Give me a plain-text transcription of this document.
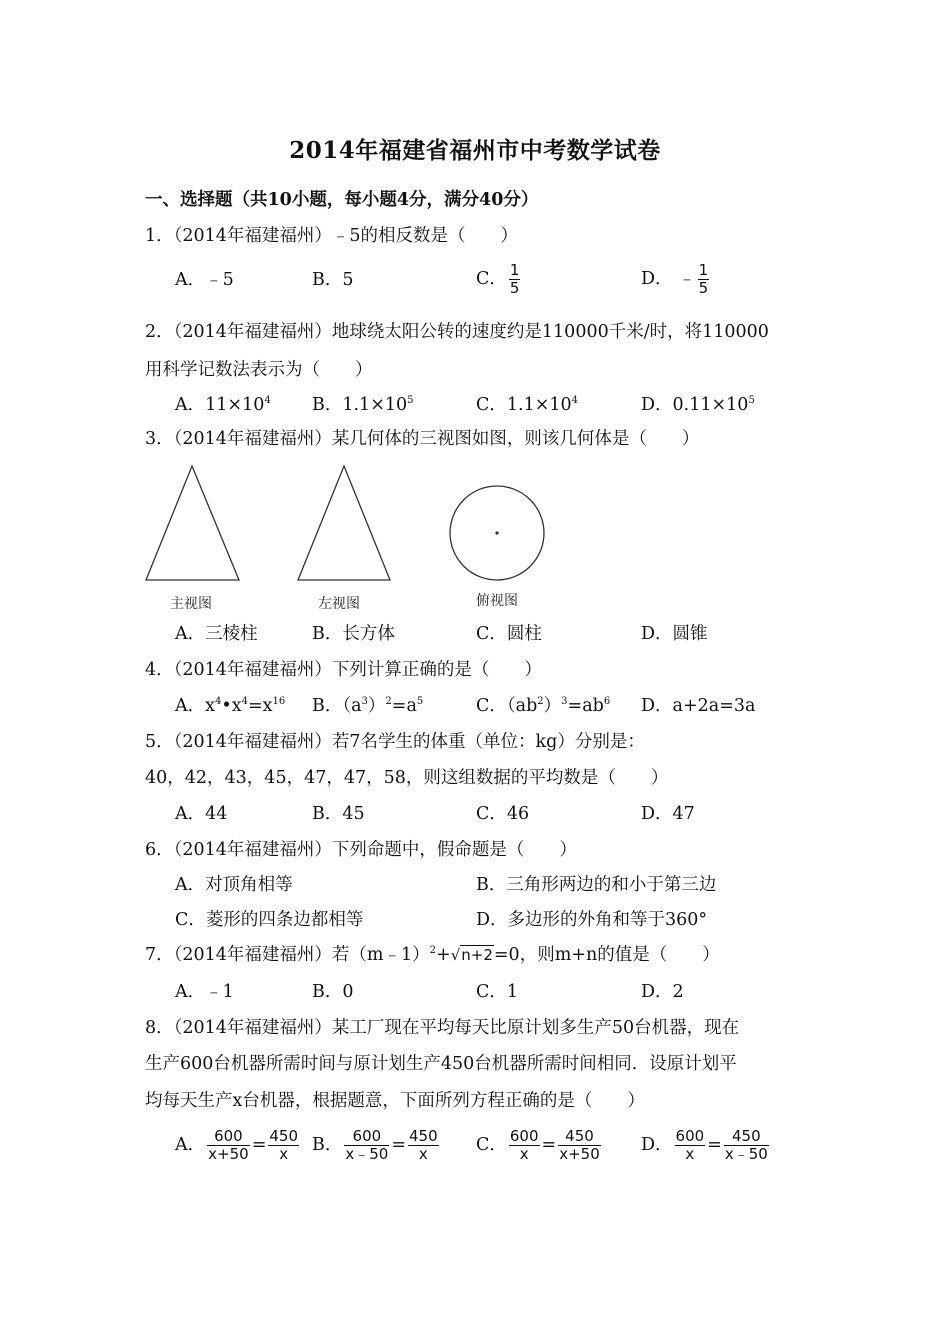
2014年福建省福州市中考数学试卷
一、选择题（共10小题，每小题4分，满分40分）
1．（2014年福建福州）﹣5的相反数是（　　）
A．﹣5	B．5	C． $\frac{1}{5}$	D． ﹣ $\frac{1}{5}$
2．（2014年福建福州）地球绕太阳公转的速度约是110000千米/时，将110000
用科学记数法表示为（　　）
A．$11\times 10^4$ B．$1.1\times 10^5$	C．$1.1\times 10^4$	D．$0.11\times 10^5$
3．（2014年福建福州）某几何体的三视图如图，则该几何体是（　　）
主视图	左视图	俯视图
A．三棱柱	B．长方体	C．圆柱	D．圆锥
4．（2014年福建福州）下列计算正确的是（　　）
A．$x^4•x^4=x^{16}$ B．$(a^3)^2=a^5$	C．$(ab^2)^3=ab^6$ D．a+2a=3a
5．（2014年福建福州）若7名学生的体重（单位：kg）分别是：
40，42，43，45，47，47，58，则这组数据的平均数是（　　）
A．44	B．45	C．46	D．47
6．（2014年福建福州）下列命题中，假命题是（　　）
A．对顶角相等	B．三角形两边的和小于第三边
C．菱形的四条边都相等	D．多边形的外角和等于360°
7．（2014年福建福州）若（m﹣1）$^2$+√n+2=0，则m+n的值是（　　）
A．﹣1	B．0	C．1	D．2
8．（2014年福建福州）某工厂现在平均每天比原计划多生产50台机器，现在
生产600台机器所需时间与原计划生产450台机器所需时间相同．设原计划平
均每天生产x台机器，根据题意，下面所列方程正确的是（　　）
A． $\frac{600}{x+50} = \frac{450}{x}$ B． $\frac{600}{x﹣50} = \frac{450}{x}$ C． $\frac{600}{x} = \frac{450}{x+50}$ D． $\frac{600}{x} = \frac{450}{x﹣50}$
